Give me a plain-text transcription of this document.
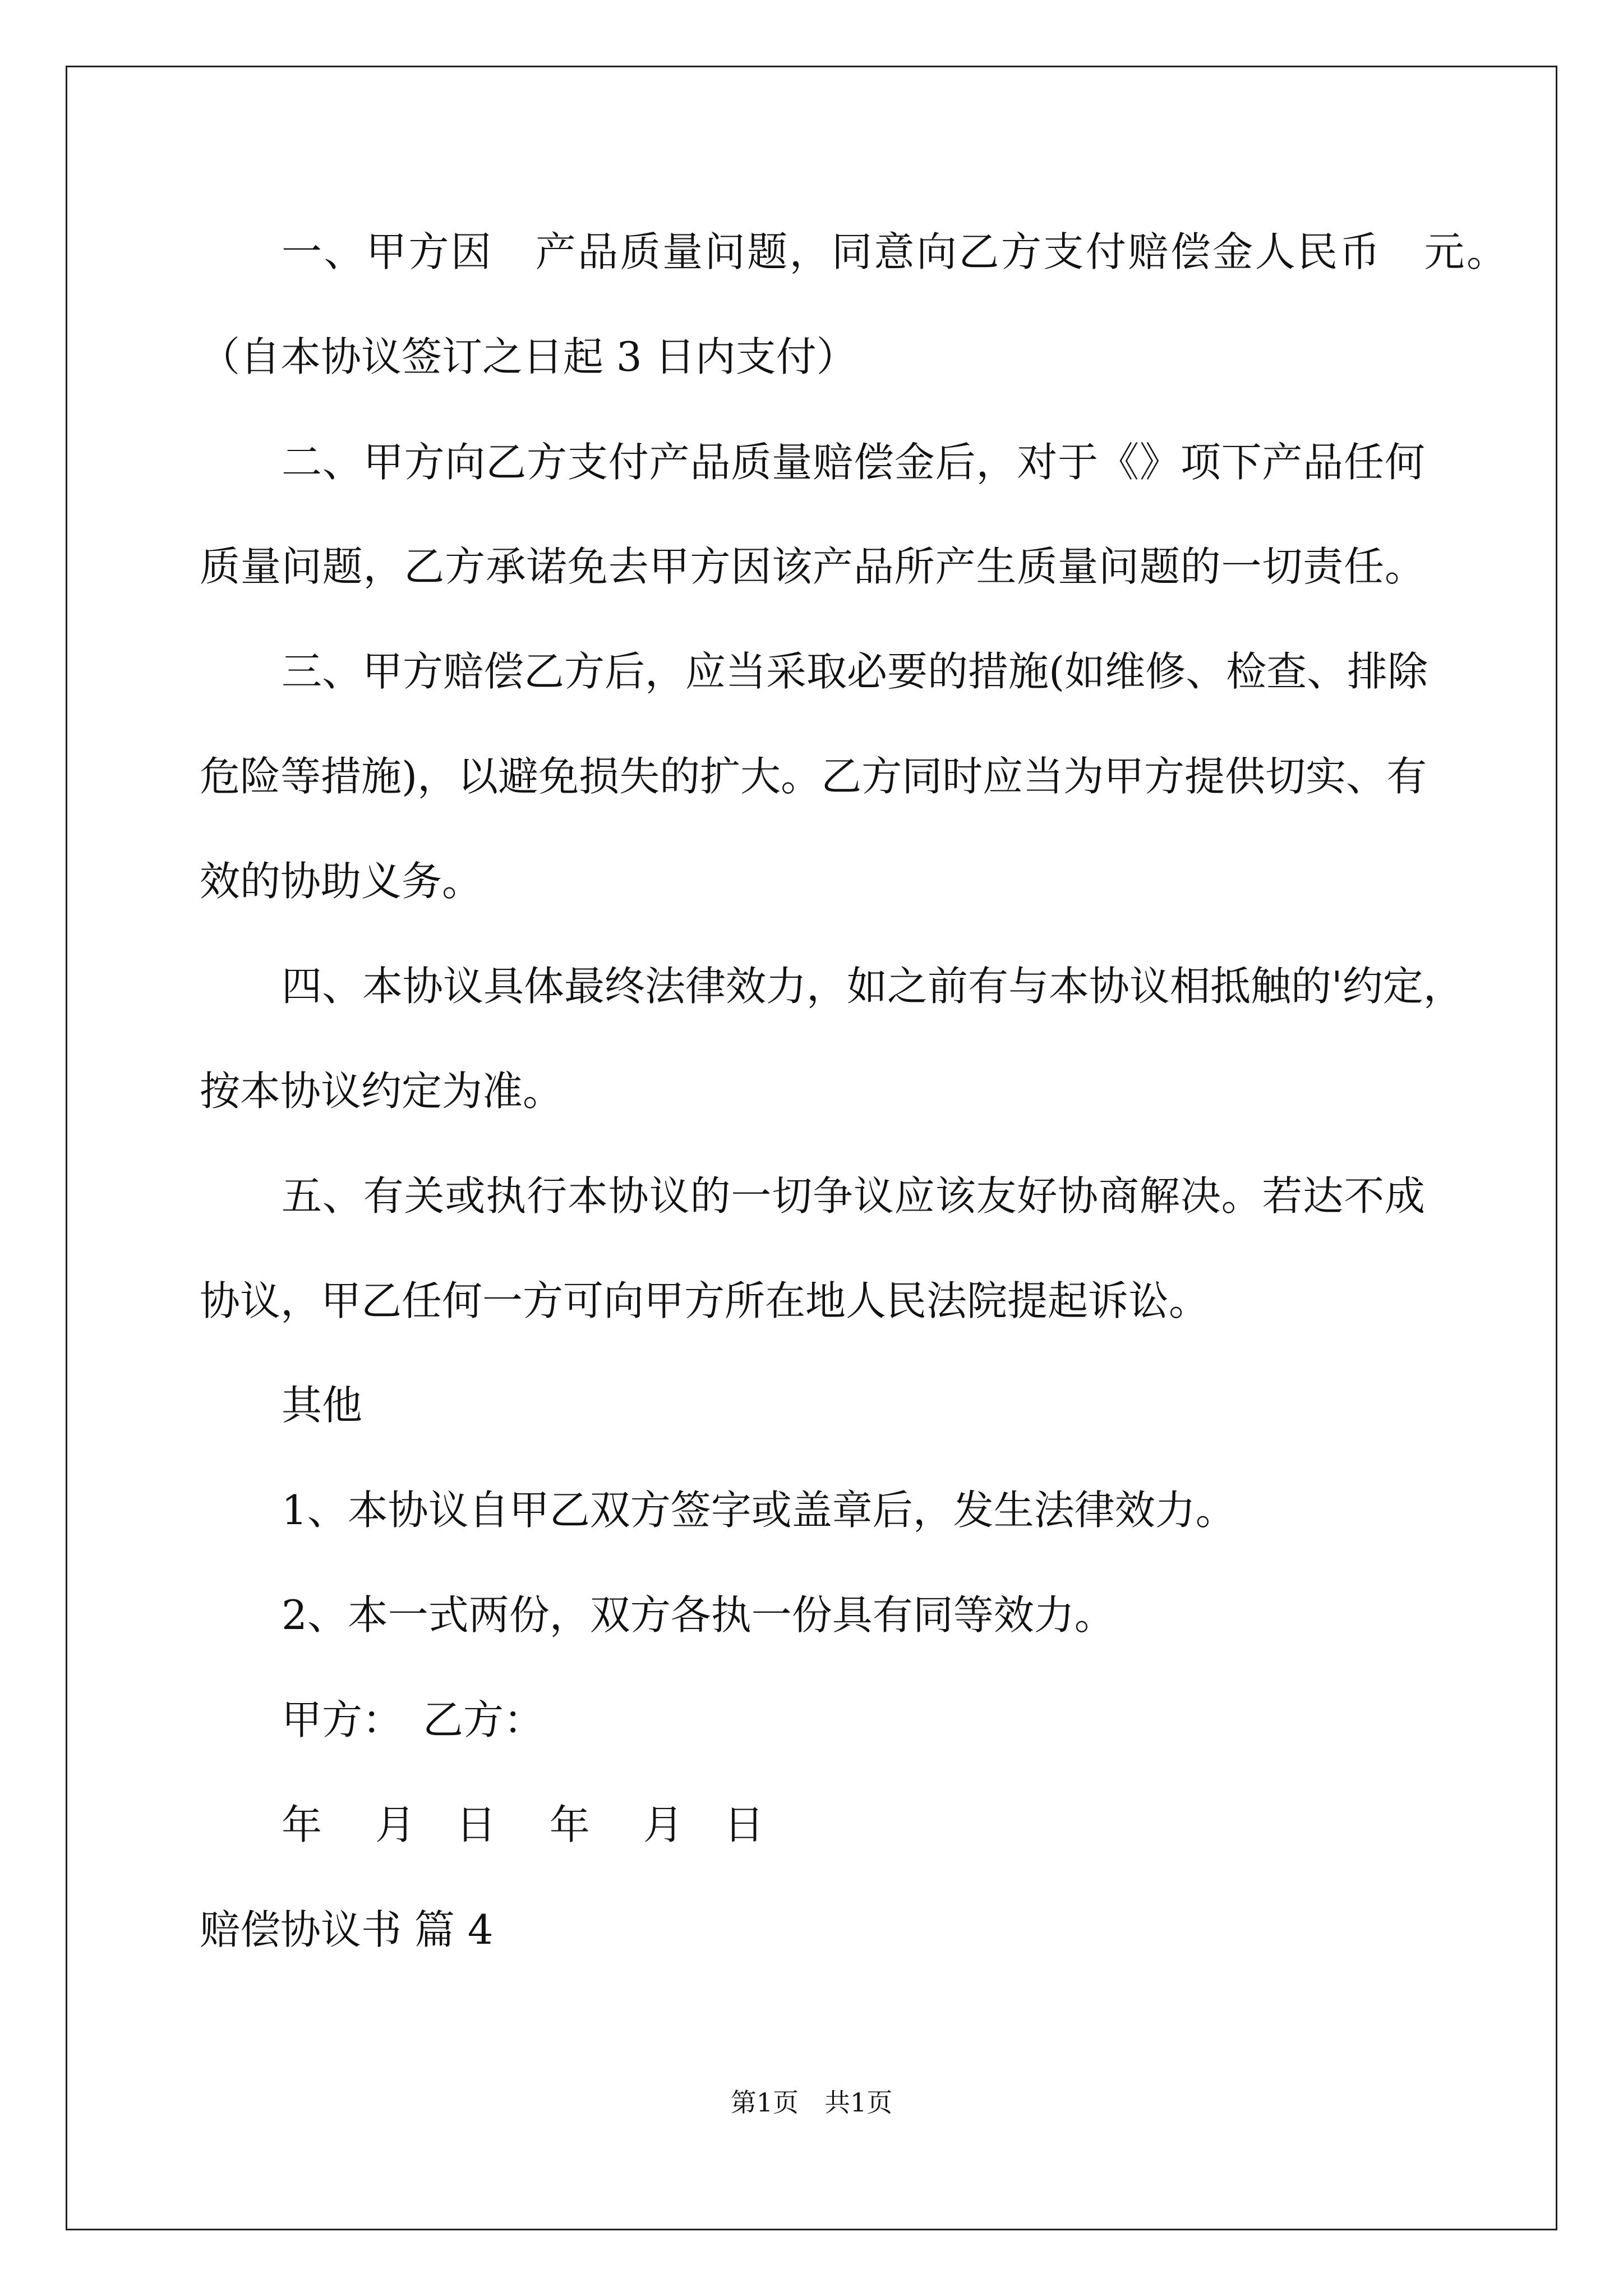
一、甲方因　产品质量问题，同意向乙方支付赔偿金人民币　元。
（自本协议签订之日起 3 日内支付）
二、甲方向乙方支付产品质量赔偿金后，对于《》项下产品任何
质量问题，乙方承诺免去甲方因该产品所产生质量问题的一切责任。
三、甲方赔偿乙方后，应当采取必要的措施(如维修、检查、排除
危险等措施)，以避免损失的扩大。乙方同时应当为甲方提供切实、有
效的协助义务。
四、本协议具体最终法律效力，如之前有与本协议相抵触的'约定，
按本协议约定为准。
五、有关或执行本协议的一切争议应该友好协商解决。若达不成
协议，甲乙任何一方可向甲方所在地人民法院提起诉讼。
其他
1、本协议自甲乙双方签字或盖章后，发生法律效力。
2、本一式两份，双方各执一份具有同等效力。
甲方：　乙方：
年　 月　日　 年　 月　日
赔偿协议书 篇 4
第1页　共1页
